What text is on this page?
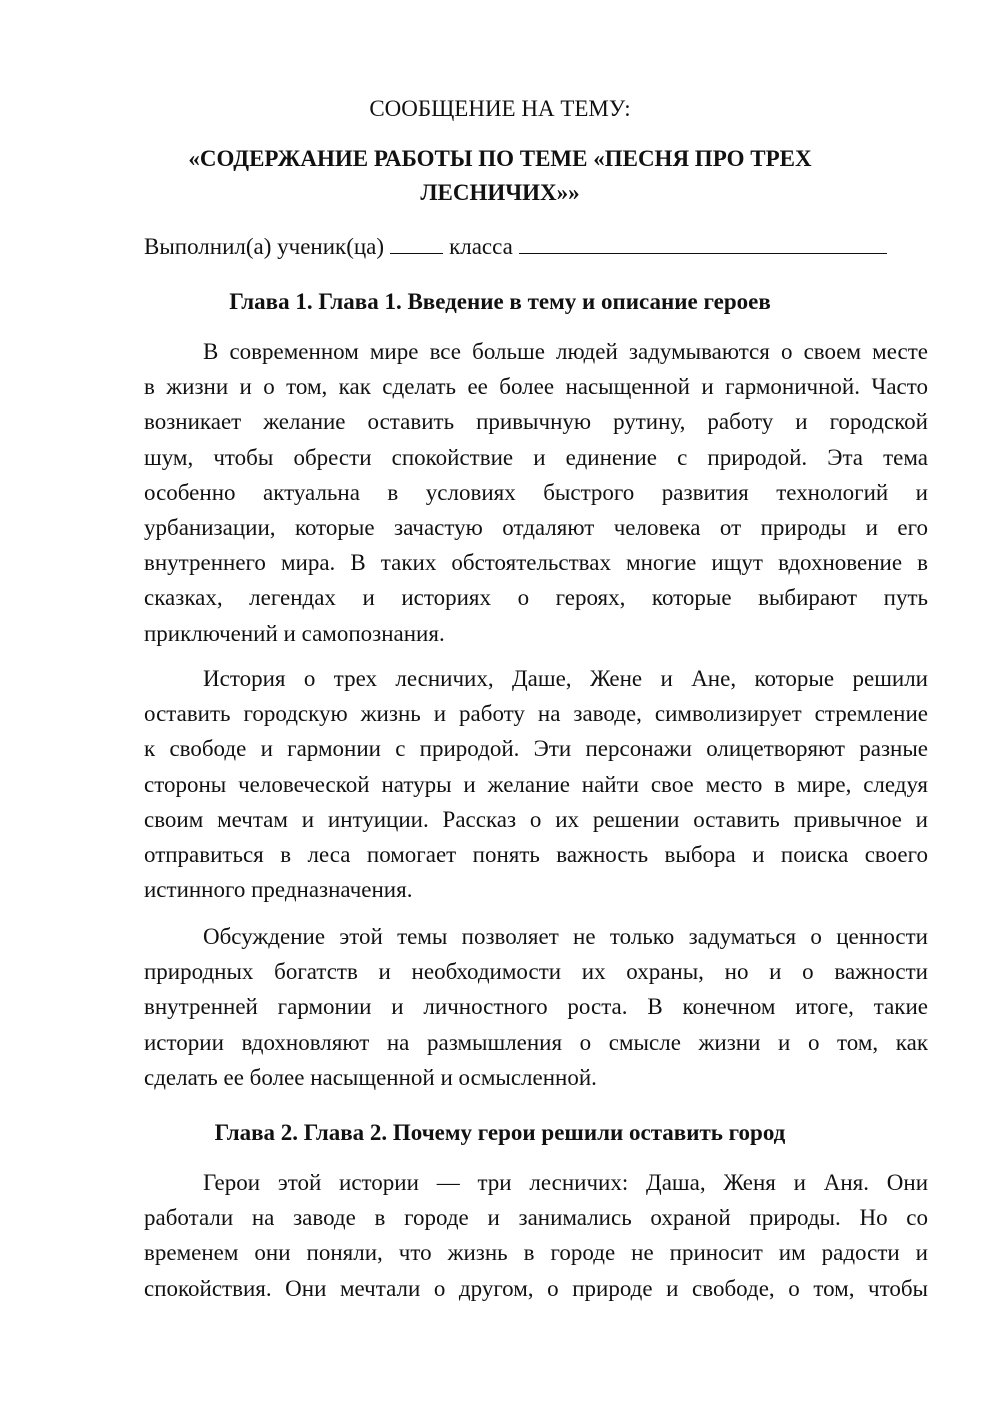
СООБЩЕНИЕ НА ТЕМУ:
«СОДЕРЖАНИЕ РАБОТЫ ПО ТЕМЕ «ПЕСНЯ ПРО ТРЕХ
ЛЕСНИЧИХ»»
Выполнил(а) ученик(ца)	класса
Глава 1. Глава 1. Введение в тему и описание героев
В современном мире все больше людей задумываются о своем месте
в жизни и о том, как сделать ее более насыщенной и гармоничной. Часто
возникает желание оставить привычную рутину, работу и городской
шум, чтобы обрести спокойствие и единение с природой. Эта тема
особенно актуальна в условиях быстрого развития технологий и
урбанизации, которые зачастую отдаляют человека от природы и его
внутреннего мира. В таких обстоятельствах многие ищут вдохновение в
сказках, легендах и историях о героях, которые выбирают путь
приключений и самопознания.
История о трех лесничих, Даше, Жене и Ане, которые решили
оставить городскую жизнь и работу на заводе, символизирует стремление
к свободе и гармонии с природой. Эти персонажи олицетворяют разные
стороны человеческой натуры и желание найти свое место в мире, следуя
своим мечтам и интуиции. Рассказ о их решении оставить привычное и
отправиться в леса помогает понять важность выбора и поиска своего
истинного предназначения.
Обсуждение этой темы позволяет не только задуматься о ценности
природных богатств и необходимости их охраны, но и о важности
внутренней гармонии и личностного роста. В конечном итоге, такие
истории вдохновляют на размышления о смысле жизни и о том, как
сделать ее более насыщенной и осмысленной.
Глава 2. Глава 2. Почему герои решили оставить город
Герои этой истории — три лесничих: Даша, Женя и Аня. Они
работали на заводе в городе и занимались охраной природы. Но со
временем они поняли, что жизнь в городе не приносит им радости и
спокойствия. Они мечтали о другом, о природе и свободе, о том, чтобы
